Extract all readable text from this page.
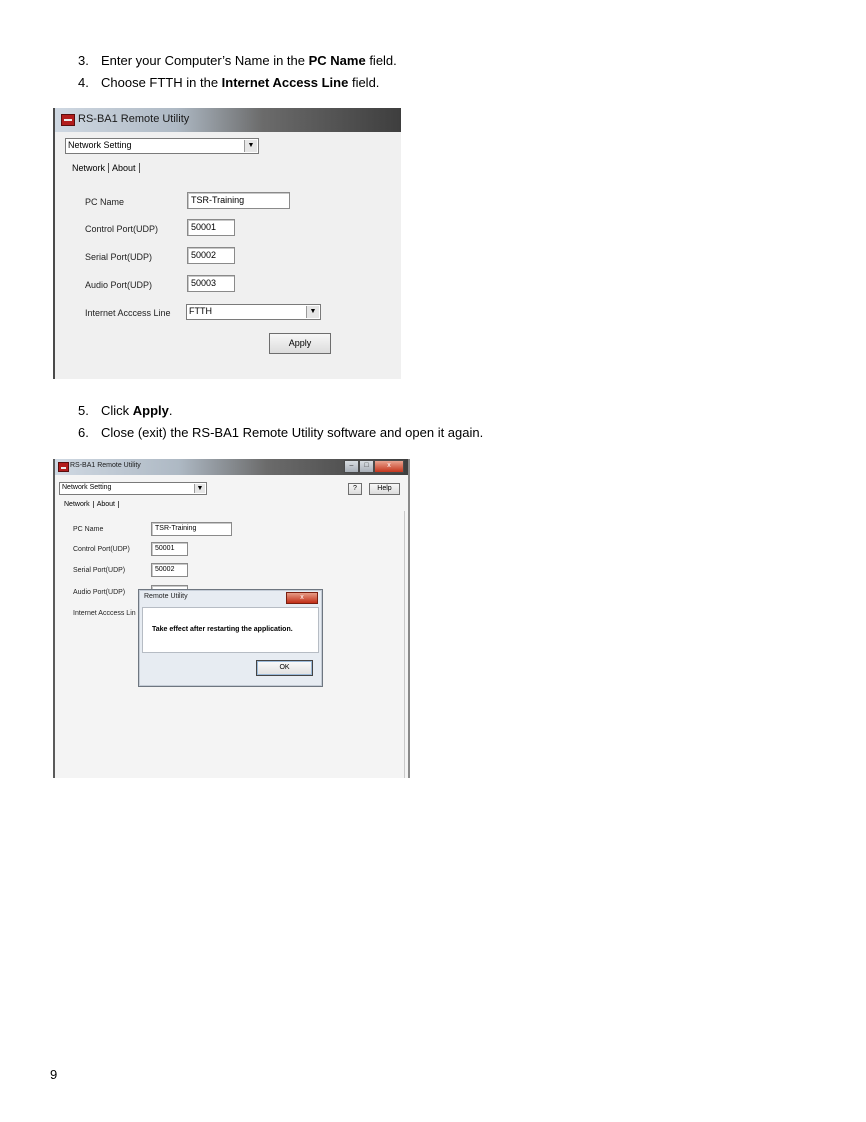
3. Enter your Computer’s Name in the PC Name field.
4. Choose FTTH in the Internet Access Line field.
RS-BA1 Remote Utility
Network Setting	▼
Network About
PC Name	TSR-Training
Control Port(UDP)	50001
Serial Port(UDP)	50002
Audio Port(UDP)	50003
Internet Acccess Line FTTH	▼
Apply
5. Click Apply.
6. Close (exit) the RS-BA1 Remote Utility software and open it again.
RS-BA1 Remote Utility	– □	x
Network Setting	▼	?	Help
Network About
PC Name	TSR-Training
Control Port(UDP)	50001
Serial Port(UDP)	50002
Audio Port(UDP)
Internet Acccess Lin
Remote Utility	x
Take effect after restarting the application.
OK
9
